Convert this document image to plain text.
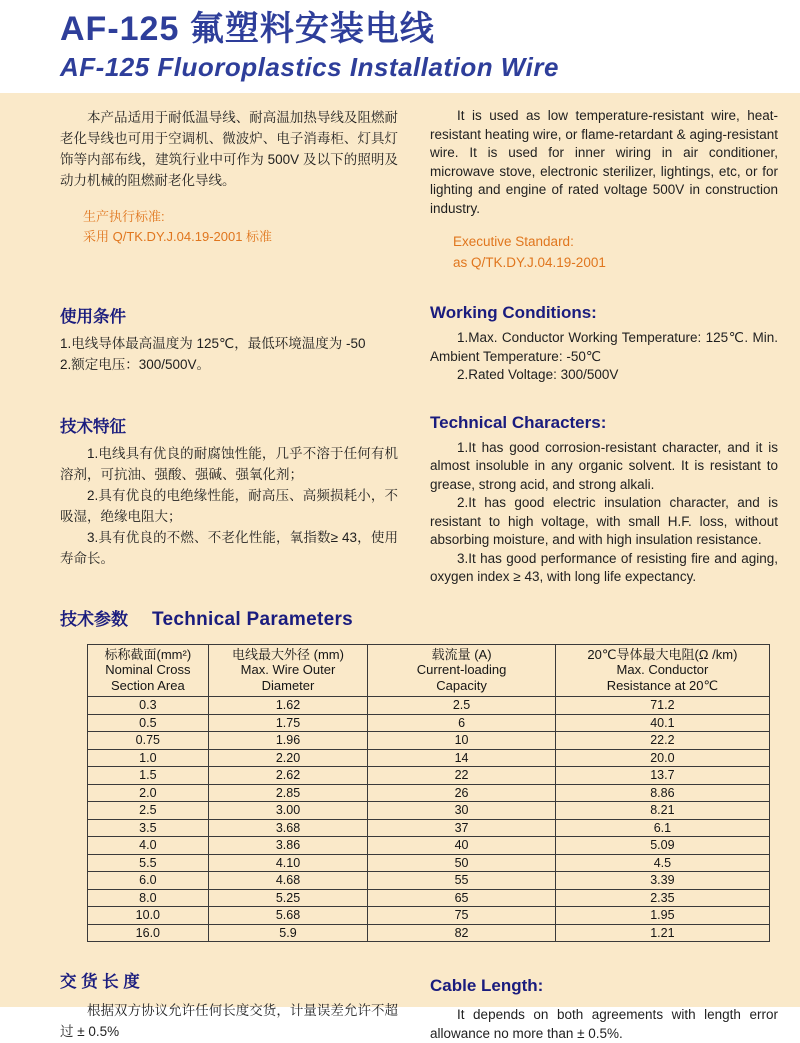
AF-125 氟塑料安装电线
AF-125 Fluoroplastics Installation Wire

本产品适用于耐低温导线、耐高温加热导线及阻燃耐老化导线也可用于空调机、微波炉、电子消毒柜、灯具灯饰等内部布线，建筑行业中可作为 500V 及以下的照明及动力机械的阻燃耐老化导线。

生产执行标准:
采用 Q/TK.DY.J.04.19-2001 标准

It is used as low temperature-resistant wire, heat-resistant heating wire, or flame-retardant & aging-resistant wire. It is used for inner wiring in air conditioner, microwave stove, electronic sterilizer, lightings, etc, or for lighting and engine of rated voltage 500V in construction industry.

Executive Standard:
as Q/TK.DY.J.04.19-2001
使用条件
1.电线导体最高温度为 125℃，最低环境温度为 -50
2.额定电压：300/500V。
Working Conditions:
1.Max. Conductor Working Temperature: 125℃. Min. Ambient Temperature: -50℃
2.Rated Voltage: 300/500V
技术特征

1.电线具有优良的耐腐蚀性能，几乎不溶于任何有机溶剂，可抗油、强酸、强碱、强氧化剂；

2.具有优良的电绝缘性能，耐高压、高频损耗小，不吸湿，绝缘电阻大；

3.具有优良的不燃、不老化性能，氧指数≥ 43，使用寿命长。

Technical Characters:

1.It has good corrosion-resistant character, and it is almost insoluble in any organic solvent. It is resistant to grease, strong acid, and strong alkali.

2.It has good electric insulation character, and is resistant to high voltage, with small H.F. loss, without absorbing moisture, and with high insulation resistance.

3.It has good performance of resisting fire and aging, oxygen index ≥ 43, with long life expectancy.

技术参数 Technical Parameters
标称截面(mm²)
Nominal Cross
Section Area

电线最大外径 (mm)
Max. Wire Outer
Diameter

载流量 (A)
Current-loading
Capacity

20℃导体最大电阻(Ω /km)
Max. Conductor
Resistance at 20℃

0.3	1.62	2.5	71.2
0.5	1.75	6	40.1
0.75	1.96	10	22.2
1.0	2.20	14	20.0
1.5	2.62	22	13.7
2.0	2.85	26	8.86
2.5	3.00	30	8.21
3.5	3.68	37	6.1
4.0	3.86	40	5.09
5.5	4.10	50	4.5
6.0	4.68	55	3.39
8.0	5.25	65	2.35
10.0	5.68	75	1.95
16.0	5.9	82	1.21
交 货 长 度

根据双方协议允许任何长度交货，计量误差允许不超过 ± 0.5%

Cable Length:

It depends on both agreements with length error allowance no more than ± 0.5%.
